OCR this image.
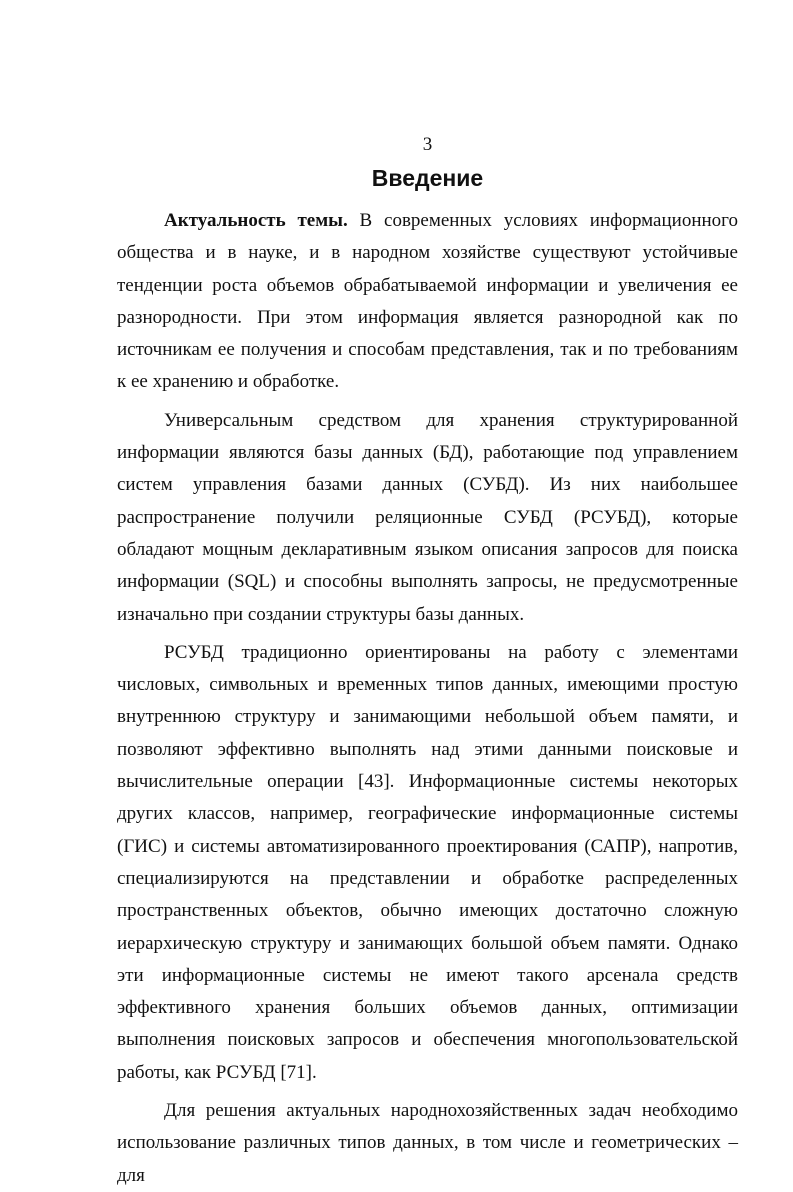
3
Введение

Актуальность темы. В современных условиях информационного общества и в науке, и в народном хозяйстве существуют устойчивые тенденции роста объемов обрабатываемой информации и увеличения ее разнородности. При этом информация является разнородной как по источникам ее получения и способам представления, так и по требованиям к ее хранению и обработке.

Универсальным средством для хранения структурированной информации являются базы данных (БД), работающие под управлением систем управления базами данных (СУБД). Из них наибольшее распространение получили реляционные СУБД (РСУБД), которые обладают мощным декларативным языком описания запросов для поиска информации (SQL) и способны выполнять запросы, не предусмотренные изначально при создании структуры базы данных.

РСУБД традиционно ориентированы на работу с элементами числовых, символьных и временных типов данных, имеющими простую внутреннюю структуру и занимающими небольшой объем памяти, и позволяют эффективно выполнять над этими данными поисковые и вычислительные операции [43]. Информационные системы некоторых других классов, например, географические информационные системы (ГИС) и системы автоматизированного проектирования (САПР), напротив, специализируются на представлении и обработке распределенных пространственных объектов, обычно имеющих достаточно сложную иерархическую структуру и занимающих большой объем памяти. Однако эти информационные системы не имеют такого арсенала средств эффективного хранения больших объемов данных, оптимизации выполнения поисковых запросов и обеспечения многопользовательской работы, как РСУБД [71].

Для решения актуальных народнохозяйственных задач необходимо использование различных типов данных, в том числе и геометрических – для
